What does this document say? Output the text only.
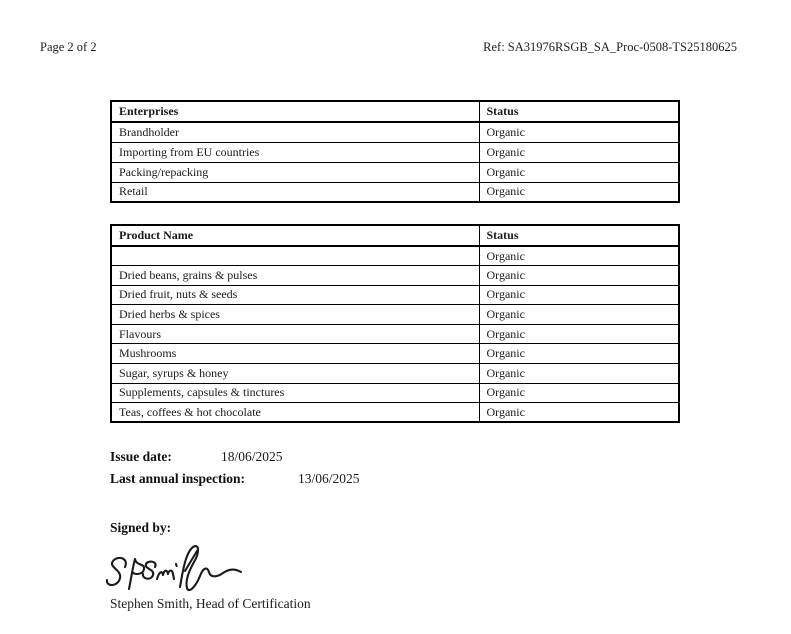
Page 2 of 2	Ref: SA31976RSGB_SA_Proc-0508-TS25180625
Enterprises	Status
Brandholder	Organic
Importing from EU countries	Organic
Packing/repacking	Organic
Retail	Organic
Product Name	Status
	Organic
Dried beans, grains & pulses	Organic
Dried fruit, nuts & seeds	Organic
Dried herbs & spices	Organic
Flavours	Organic
Mushrooms	Organic
Sugar, syrups & honey	Organic
Supplements, capsules & tinctures	Organic
Teas, coffees & hot chocolate	Organic
Issue date:	18/06/2025
Last annual inspection:	13/06/2025
Signed by:
Stephen Smith, Head of Certification
